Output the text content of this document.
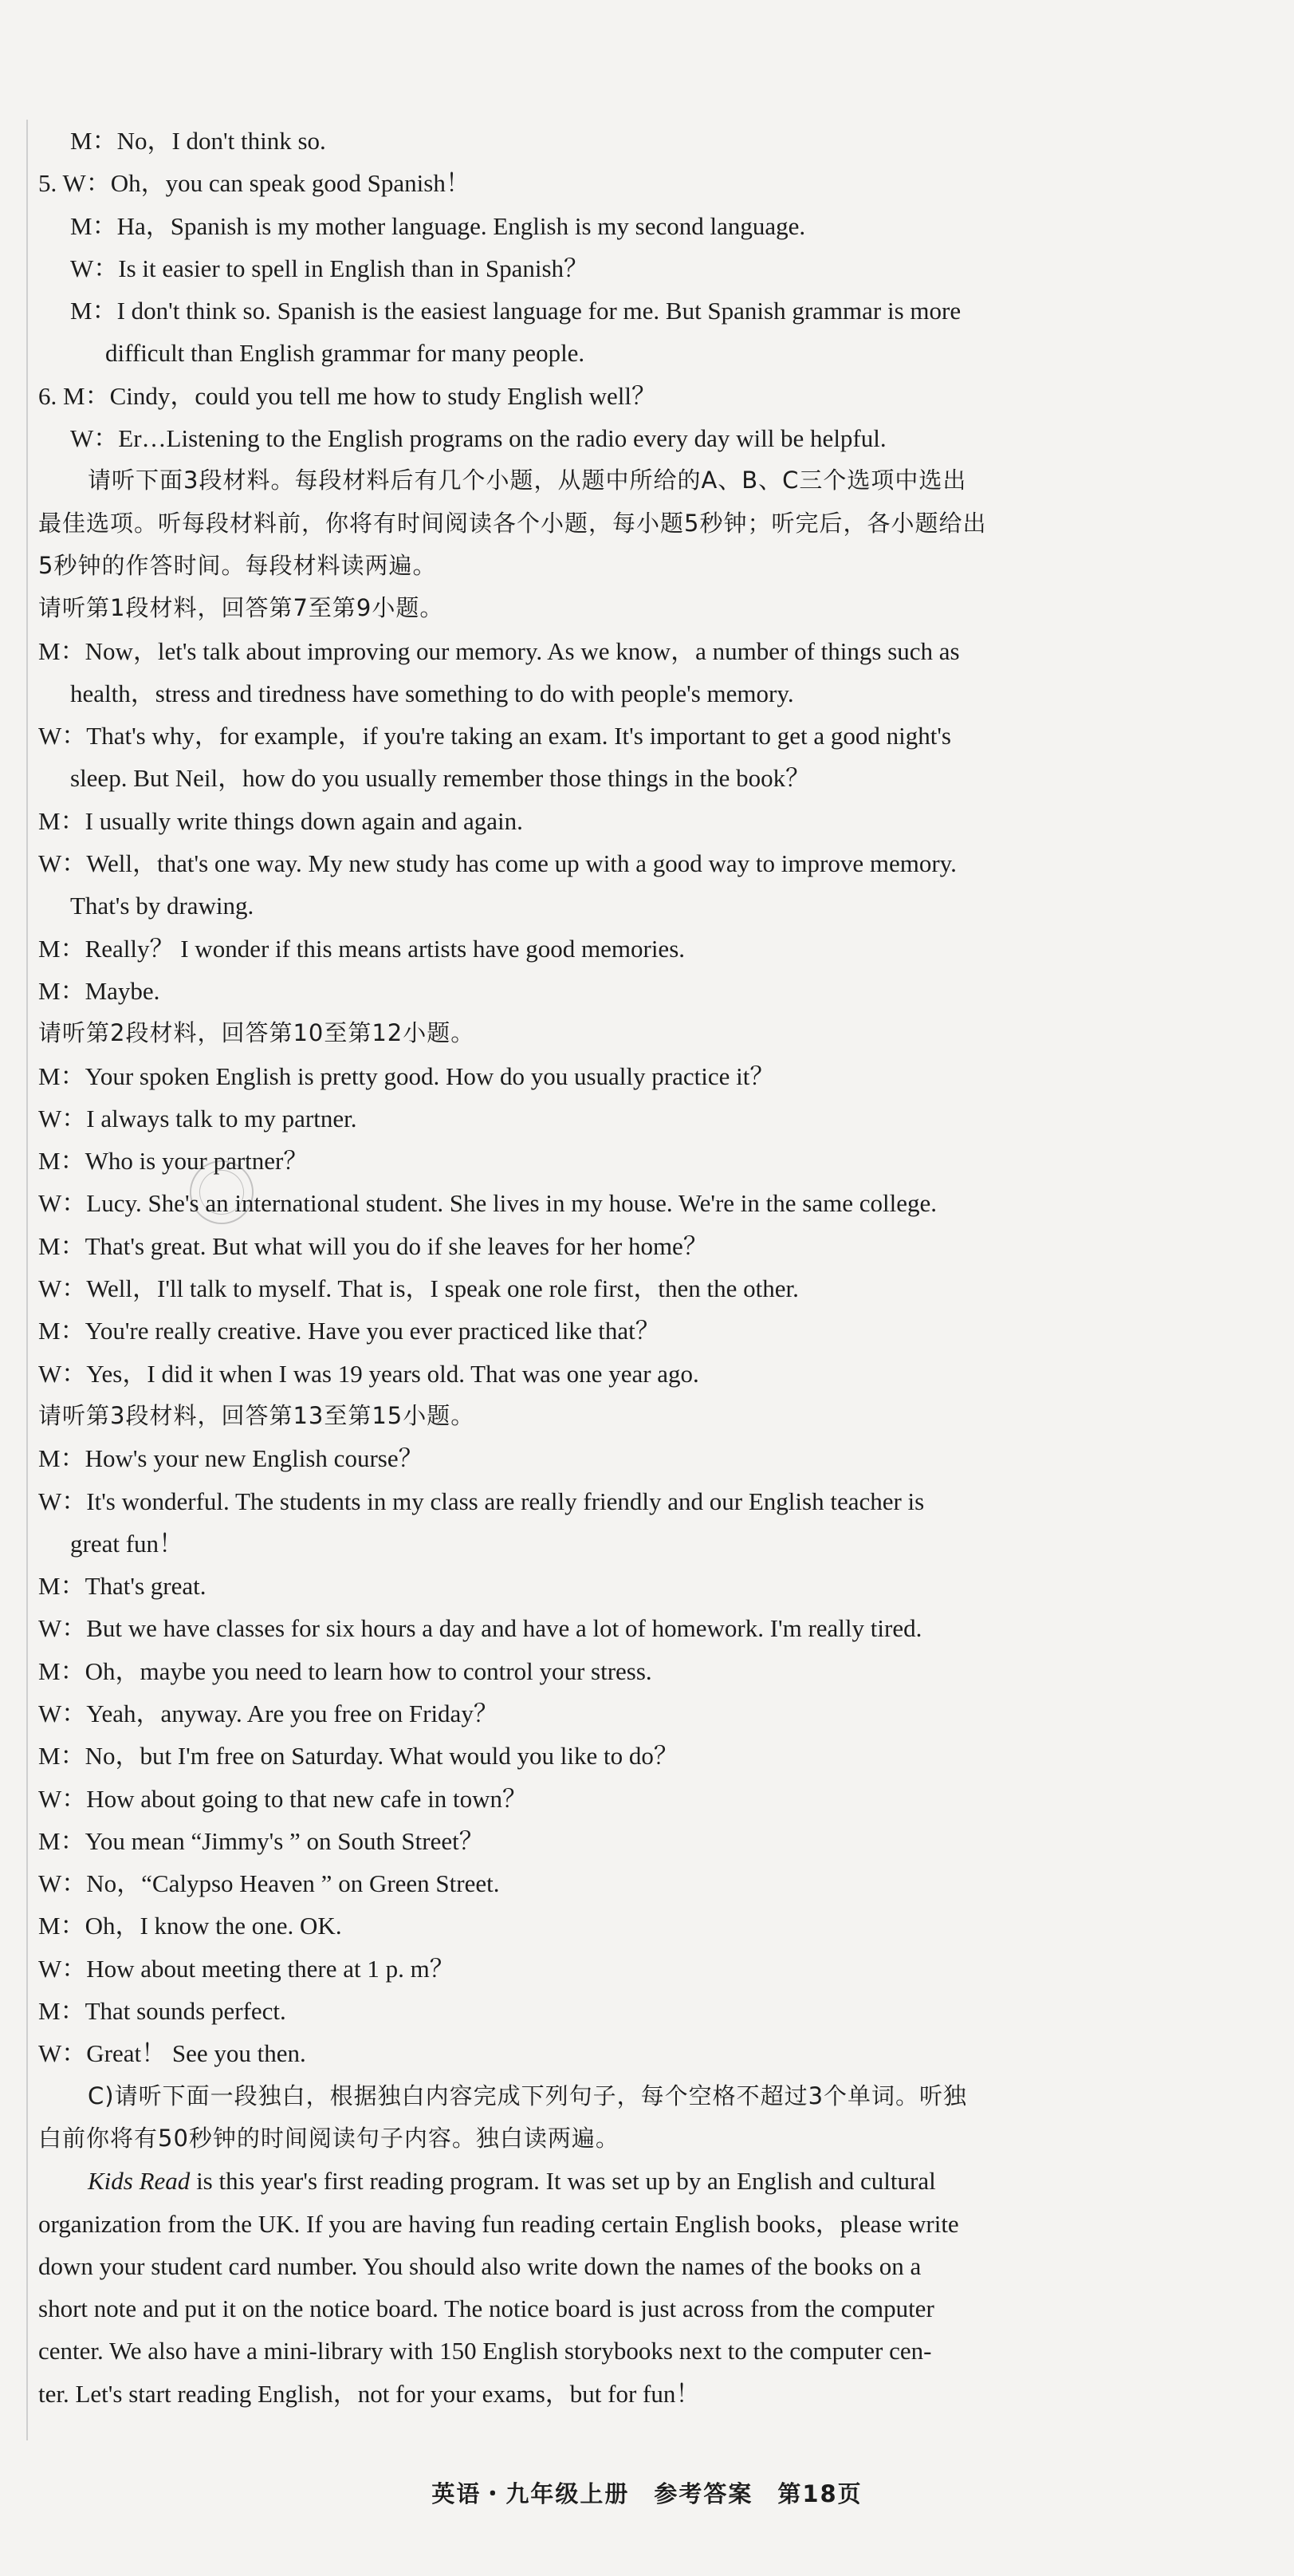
M：No，I don't think so.
5. W：Oh，you can speak good Spanish！
M：Ha，Spanish is my mother language. English is my second language.
W：Is it easier to spell in English than in Spanish？
M：I don't think so. Spanish is the easiest language for me. But Spanish grammar is more
difficult than English grammar for many people.
6. M：Cindy，could you tell me how to study English well？
W：Er…Listening to the English programs on the radio every day will be helpful.
请听下面3段材料。每段材料后有几个小题，从题中所给的A、B、C三个选项中选出
最佳选项。听每段材料前，你将有时间阅读各个小题，每小题5秒钟；听完后，各小题给出
5秒钟的作答时间。每段材料读两遍。
请听第1段材料，回答第7至第9小题。
M：Now，let's talk about improving our memory. As we know，a number of things such as
health，stress and tiredness have something to do with people's memory.
W：That's why，for example，if you're taking an exam. It's important to get a good night's
sleep. But Neil，how do you usually remember those things in the book？
M：I usually write things down again and again.
W：Well，that's one way. My new study has come up with a good way to improve memory.
That's by drawing.
M：Really？ I wonder if this means artists have good memories.
M：Maybe.
请听第2段材料，回答第10至第12小题。
M：Your spoken English is pretty good. How do you usually practice it？
W：I always talk to my partner.
M：Who is your partner？
W：Lucy. She's an international student. She lives in my house. We're in the same college.
M：That's great. But what will you do if she leaves for her home？
W：Well，I'll talk to myself. That is，I speak one role first，then the other.
M：You're really creative. Have you ever practiced like that？
W：Yes，I did it when I was 19 years old. That was one year ago.
请听第3段材料，回答第13至第15小题。
M：How's your new English course？
W：It's wonderful. The students in my class are really friendly and our English teacher is
great fun！
M：That's great.
W：But we have classes for six hours a day and have a lot of homework. I'm really tired.
M：Oh，maybe you need to learn how to control your stress.
W：Yeah，anyway. Are you free on Friday？
M：No，but I'm free on Saturday. What would you like to do？
W：How about going to that new cafe in town？
M：You mean “Jimmy's ” on South Street？
W：No，“Calypso Heaven ” on Green Street.
M：Oh，I know the one. OK.
W：How about meeting there at 1 p. m？
M：That sounds perfect.
W：Great！ See you then.
C)请听下面一段独白，根据独白内容完成下列句子，每个空格不超过3个单词。听独
白前你将有50秒钟的时间阅读句子内容。独白读两遍。
Kids Read is this year's first reading program. It was set up by an English and cultural
organization from the UK. If you are having fun reading certain English books，please write
down your student card number. You should also write down the names of the books on a
short note and put it on the notice board. The notice board is just across from the computer
center. We also have a mini-library with 150 English storybooks next to the computer cen-
ter. Let's start reading English，not for your exams，but for fun！
英语・九年级上册　参考答案　第18页
